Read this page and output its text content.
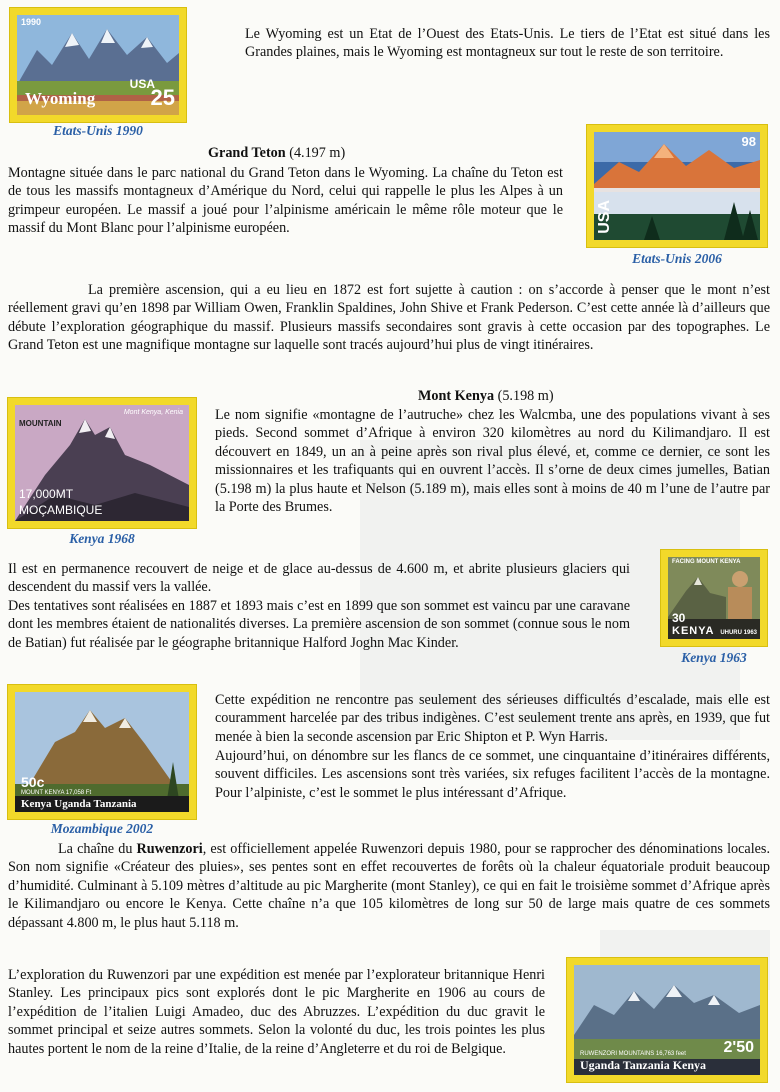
1990
USA
Wyoming	25
Etats-Unis 1990

Le Wyoming est un Etat de l’Ouest des Etats-Unis. Le tiers de l’Etat est situé dans les Grandes plaines, mais le Wyoming est montagneux sur tout le reste de son territoire.

Grand Teton (4.197 m)

Montagne située dans le parc national du Grand Teton dans le Wyoming. La chaîne du Teton est de tous les massifs montagneux d’Amérique du Nord, celui qui rappelle le plus les Alpes à un grimpeur européen. Le massif a joué pour l’alpinisme américain le même rôle moteur que le massif du Mont Blanc pour l’alpinisme européen.	USA
98
Etats-Unis 2006

La première ascension, qui a eu lieu en 1872 est fort sujette à caution : on s’accorde à penser que le mont n’est réellement gravi qu’en 1898 par William Owen, Franklin Spaldines, John Shive et Frank Pederson. C’est cette année là d’ailleurs que débute l’exploration géographique du massif. Plusieurs massifs secondaires sont gravis à cette occasion par des topographes. Le Grand Teton est une magnifique montagne sur laquelle sont tracés aujourd’hui plus de vingt itinéraires.

Mont Kenya (5.198 m)
MOUNTAIN
Mont Kenya, Kenia
17,000MT
MOÇAMBIQUE
Kenya 1968

Le nom signifie «montagne de l’autruche» chez les Walcmba, une des populations vivant à ses pieds. Second sommet d’Afrique à environ 320 kilomètres au nord du Kilimandjaro. Il est découvert en 1849, un an à peine après son rival plus élevé, et, comme ce dernier, ce sont les missionnaires et les trafiquants qui en ouvrent l’accès. Il s’orne de deux cimes jumelles, Batian (5.198 m) la plus haute et Nelson (5.189 m), mais elles sont à moins de 40 m l’une de l’autre par la Porte des Brumes.

Il est en permanence recouvert de neige et de glace au-dessus de 4.600 m, et abrite plusieurs glaciers qui descendent du massif vers la vallée.

Des tentatives sont réalisées en 1887 et 1893 mais c’est en 1899 que son sommet est vaincu par une caravane dont les membres étaient de nationalités diverses. La première ascension de son sommet (connue sous le nom de Batian) fut réalisée par le géographe britannique Halford Joghn Mac Kinder.

FACING MOUNT KENYA
30
KENYA UHURU 1963
Kenya 1963
50c
MOUNT KENYA 17,058 Ft
Kenya Uganda Tanzania
Mozambique 2002

Cette expédition ne rencontre pas seulement des sérieuses difficultés d’escalade, mais elle est couramment harcelée par des tribus indigènes. C’est seulement trente ans après, en 1939, que fut menée à bien la seconde ascension par Eric Shipton et P. Wyn Harris.

Aujourd’hui, on dénombre sur les flancs de ce sommet, une cinquantaine d’itinéraires différents, souvent difficiles. Les ascensions sont très variées, six refuges facilitent l’accès de la montagne. Pour l’alpiniste, c’est le sommet le plus intéressant d’Afrique.

La chaîne du Ruwenzori, est officiellement appelée Ruwenzori depuis 1980, pour se rapprocher des dénominations locales. Son nom signifie «Créateur des pluies», ses pentes sont en effet recouvertes de forêts où la chaleur équatoriale produit beaucoup d’humidité. Culminant à 5.109 mètres d’altitude au pic Margherite (mont Stanley), ce qui en fait le troisième sommet d’Afrique après le Kilimandjaro ou encore le Kenya. Cette chaîne n’a que 105 kilomètres de long sur 50 de large mais quatre de ces sommets dépassant 4.800 m, le plus haut 5.118 m.

L’exploration du Ruwenzori par une expédition est menée par l’explorateur britannique Henri Stanley. Les principaux pics sont explorés dont le pic Margherite en 1906 au cours de l’expédition de l’italien Luigi Amadeo, duc des Abruzzes. L’expédition du duc gravit le sommet principal et seize autres sommets. Selon la volonté du duc, les trois pointes les plus hautes portent le nom de la reine d’Italie, de la reine d’Angleterre et du roi de Belgique.	RUWENZORI MOUNTAINS 16,763 feet 2'50
Uganda Tanzania Kenya
